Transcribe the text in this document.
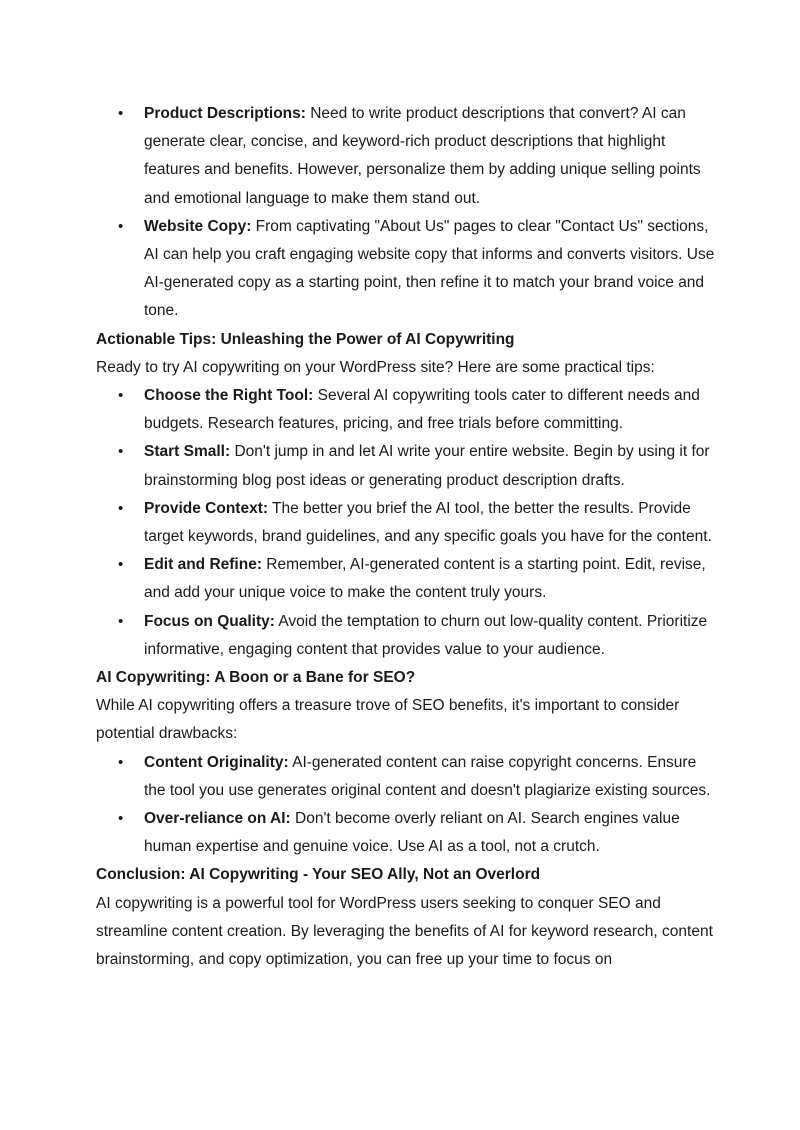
• Product Descriptions: Need to write product descriptions that convert? AI can generate clear, concise, and keyword-rich product descriptions that highlight features and benefits. However, personalize them by adding unique selling points and emotional language to make them stand out.
• Website Copy: From captivating "About Us" pages to clear "Contact Us" sections, AI can help you craft engaging website copy that informs and converts visitors. Use AI-generated copy as a starting point, then refine it to match your brand voice and tone.
Actionable Tips: Unleashing the Power of AI Copywriting

Ready to try AI copywriting on your WordPress site? Here are some practical tips:

• Choose the Right Tool: Several AI copywriting tools cater to different needs and budgets. Research features, pricing, and free trials before committing.
• Start Small: Don't jump in and let AI write your entire website. Begin by using it for brainstorming blog post ideas or generating product description drafts.
• Provide Context: The better you brief the AI tool, the better the results. Provide target keywords, brand guidelines, and any specific goals you have for the content.
• Edit and Refine: Remember, AI-generated content is a starting point. Edit, revise, and add your unique voice to make the content truly yours.
• Focus on Quality: Avoid the temptation to churn out low-quality content. Prioritize informative, engaging content that provides value to your audience.
AI Copywriting: A Boon or a Bane for SEO?

While AI copywriting offers a treasure trove of SEO benefits, it's important to consider potential drawbacks:

• Content Originality: AI-generated content can raise copyright concerns. Ensure the tool you use generates original content and doesn't plagiarize existing sources.
• Over-reliance on AI: Don't become overly reliant on AI. Search engines value human expertise and genuine voice. Use AI as a tool, not a crutch.
Conclusion: AI Copywriting - Your SEO Ally, Not an Overlord

AI copywriting is a powerful tool for WordPress users seeking to conquer SEO and streamline content creation. By leveraging the benefits of AI for keyword research, content brainstorming, and copy optimization, you can free up your time to focus on
